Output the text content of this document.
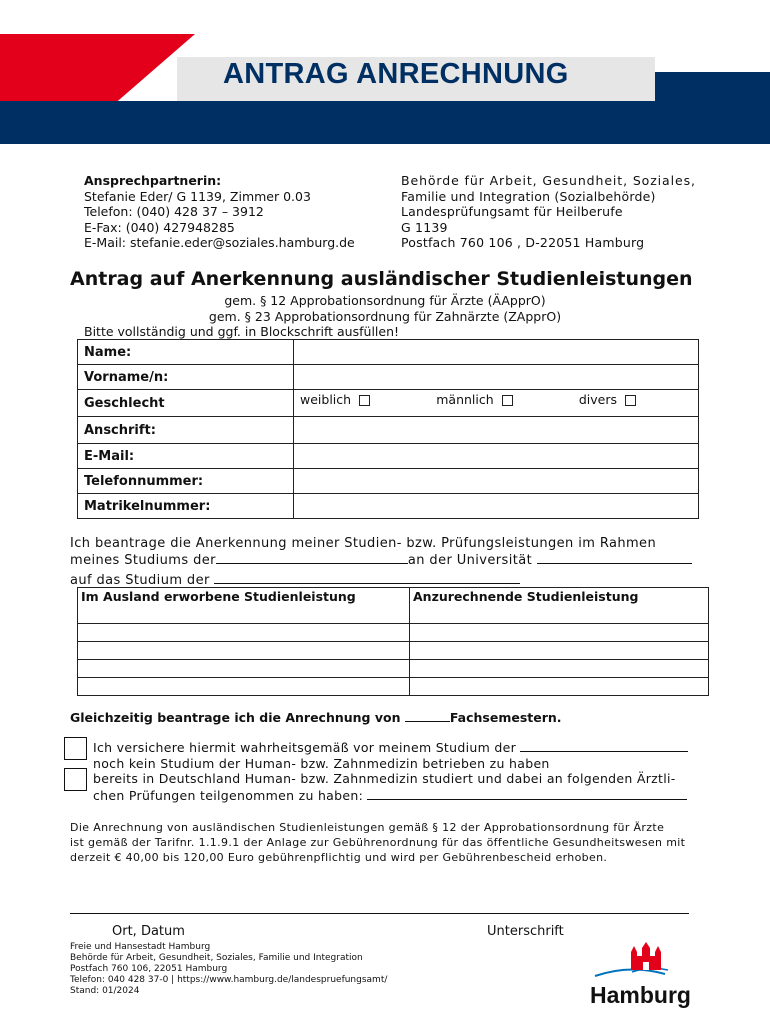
ANTRAG ANRECHNUNG
Ansprechpartnerin:
Stefanie Eder/ G 1139, Zimmer 0.03
Telefon: (040) 428 37 – 3912
E-Fax: (040) 427948285
E-Mail: stefanie.eder@soziales.hamburg.de
Behörde für Arbeit, Gesundheit, Soziales,
Familie und Integration (Sozialbehörde)
Landesprüfungsamt für Heilberufe
G 1139
Postfach 760 106 , D-22051 Hamburg
Antrag auf Anerkennung ausländischer Studienleistungen
gem. § 12 Approbationsordnung für Ärzte (ÄApprO)
gem. § 23 Approbationsordnung für Zahnärzte (ZApprO)
Bitte vollständig und ggf. in Blockschrift ausfüllen!
Name:	
Vorname/n:	
Geschlecht	weiblich männlich divers

Anschrift:	
E-Mail:	
Telefonnummer:	
Matrikelnummer:	
Ich beantrage die Anerkennung meiner Studien- bzw. Prüfungsleistungen im Rahmen
meines Studiums der	an der Universität
auf das Studium der
Im Ausland erworbene Studienleistung	Anzurechnende Studienleistung

Gleichzeitig beantrage ich die Anrechnung von	Fachsemestern.
Ich versichere hiermit wahrheitsgemäß vor meinem Studium der
noch kein Studium der Human- bzw. Zahnmedizin betrieben zu haben
bereits in Deutschland Human- bzw. Zahnmedizin studiert und dabei an folgenden Ärztli-
chen Prüfungen teilgenommen zu haben:
Die Anrechnung von ausländischen Studienleistungen gemäß § 12 der Approbationsordnung für Ärzte
ist gemäß der Tarifnr. 1.1.9.1 der Anlage zur Gebührenordnung für das öffentliche Gesundheitswesen mit
derzeit € 40,00 bis 120,00 Euro gebührenpflichtig und wird per Gebührenbescheid erhoben.
Ort, Datum	Unterschrift
Freie und Hansestadt Hamburg
Behörde für Arbeit, Gesundheit, Soziales, Familie und Integration
Postfach 760 106, 22051 Hamburg
Telefon: 040 428 37-0 | https://www.hamburg.de/landespruefungsamt/
Stand: 01/2024	Hamburg
